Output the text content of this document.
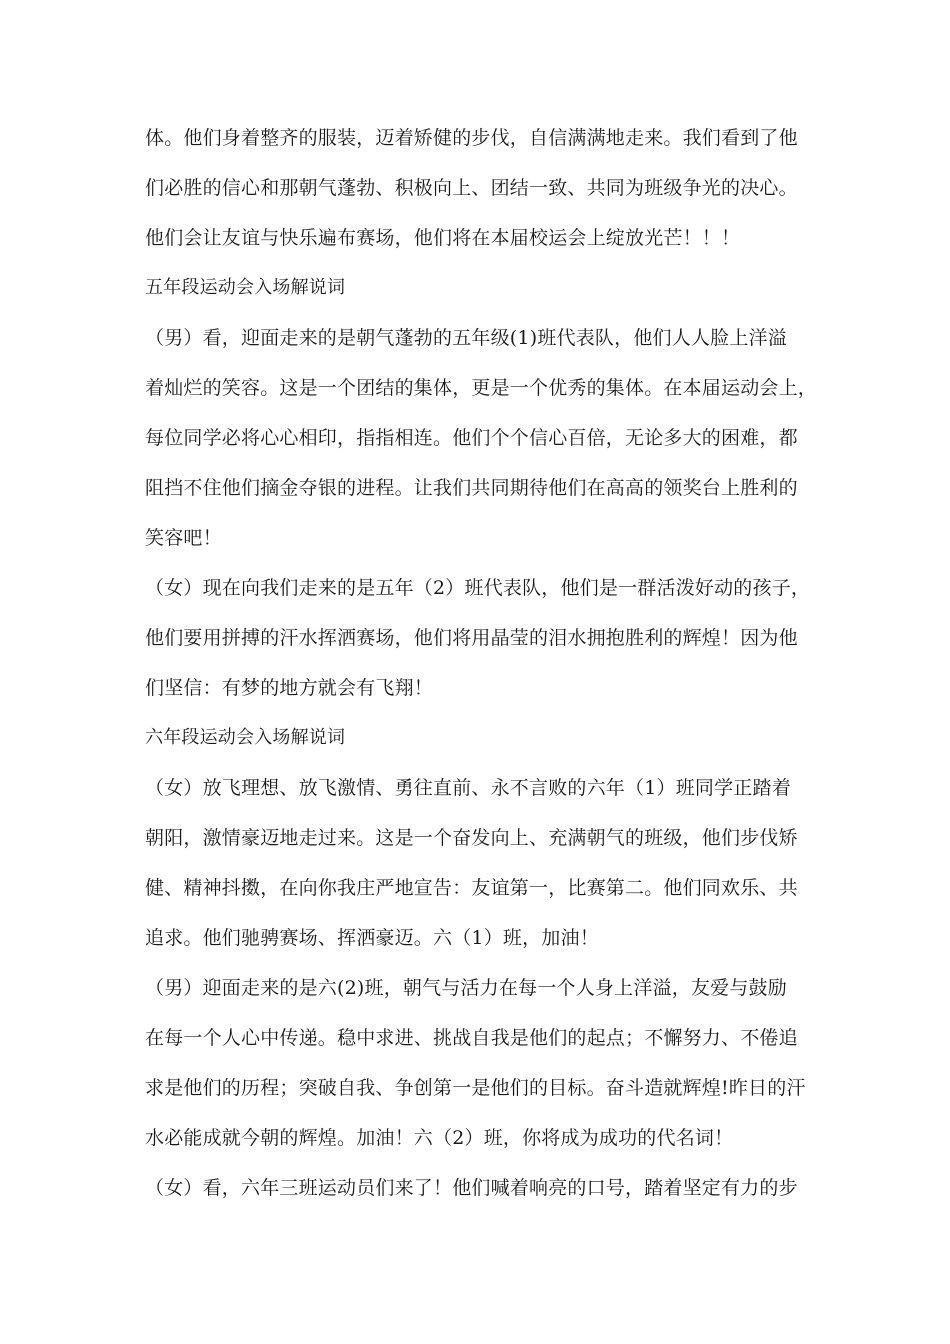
体。他们身着整齐的服装，迈着矫健的步伐，自信满满地走来。我们看到了他
们必胜的信心和那朝气蓬勃、积极向上、团结一致、共同为班级争光的决心。
他们会让友谊与快乐遍布赛场，他们将在本届校运会上绽放光芒！！！
五年段运动会入场解说词
（男）看，迎面走来的是朝气蓬勃的五年级(1)班代表队，他们人人脸上洋溢
着灿烂的笑容。这是一个团结的集体，更是一个优秀的集体。在本届运动会上，
每位同学必将心心相印，指指相连。他们个个信心百倍，无论多大的困难，都
阻挡不住他们摘金夺银的进程。让我们共同期待他们在高高的领奖台上胜利的
笑容吧！
（女）现在向我们走来的是五年（2）班代表队，他们是一群活泼好动的孩子，
他们要用拼搏的汗水挥洒赛场，他们将用晶莹的泪水拥抱胜利的辉煌！因为他
们坚信：有梦的地方就会有飞翔！
六年段运动会入场解说词
（女）放飞理想、放飞激情、勇往直前、永不言败的六年（1）班同学正踏着
朝阳，激情豪迈地走过来。这是一个奋发向上、充满朝气的班级，他们步伐矫
健、精神抖擞，在向你我庄严地宣告：友谊第一，比赛第二。他们同欢乐、共
追求。他们驰骋赛场、挥洒豪迈。六（1）班，加油！
（男）迎面走来的是六(2)班，朝气与活力在每一个人身上洋溢，友爱与鼓励
在每一个人心中传递。稳中求进、挑战自我是他们的起点；不懈努力、不倦追
求是他们的历程；突破自我、争创第一是他们的目标。奋斗造就辉煌!昨日的汗
水必能成就今朝的辉煌。加油！六（2）班，你将成为成功的代名词！
（女）看，六年三班运动员们来了！他们喊着响亮的口号，踏着坚定有力的步
